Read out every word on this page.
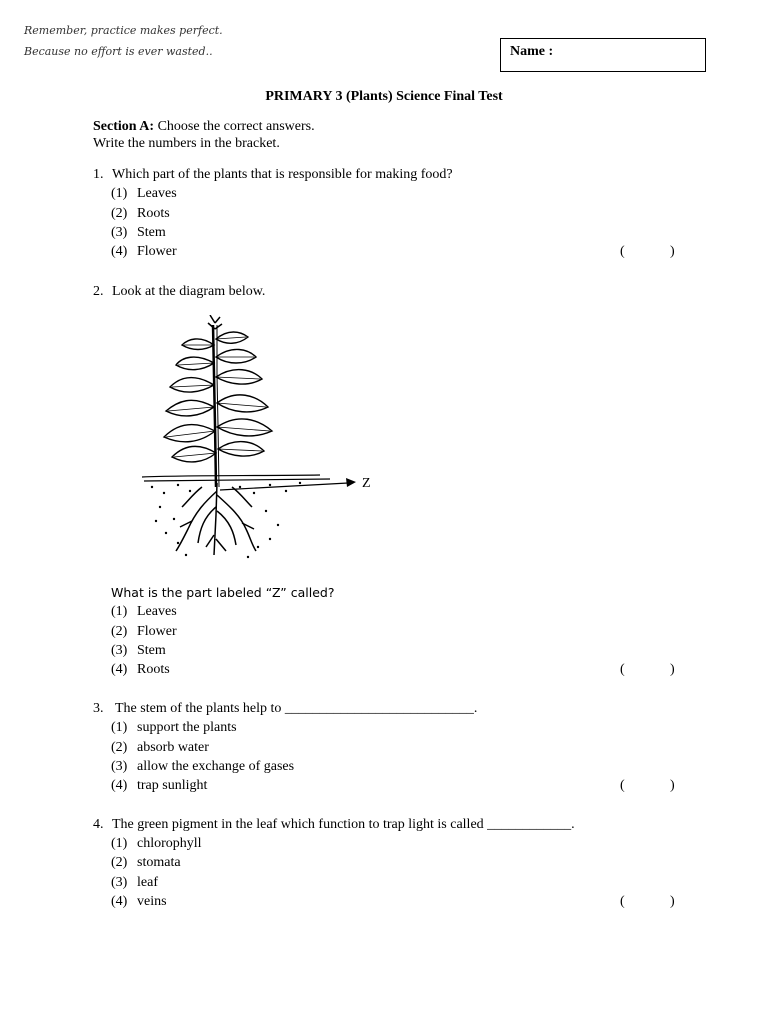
Remember, practice makes perfect.
Because no effort is ever wasted..	Name :
PRIMARY 3 (Plants) Science Final Test
Section A: Choose the correct answers.
Write the numbers in the bracket.
1. Which part of the plants that is responsible for making food?
(1) Leaves
(2) Roots
(3) Stem
(4) Flower	(	)
2. Look at the diagram below.
Z
What is the part labeled “Z” called?
(1) Leaves
(2) Flower
(3) Stem
(4) Roots	(	)
3. The stem of the plants help to ___________________________.
(1) support the plants
(2) absorb water
(3) allow the exchange of gases
(4) trap sunlight	(	)
4. The green pigment in the leaf which function to trap light is called ____________.
(1) chlorophyll
(2) stomata
(3) leaf
(4) veins	(	)
